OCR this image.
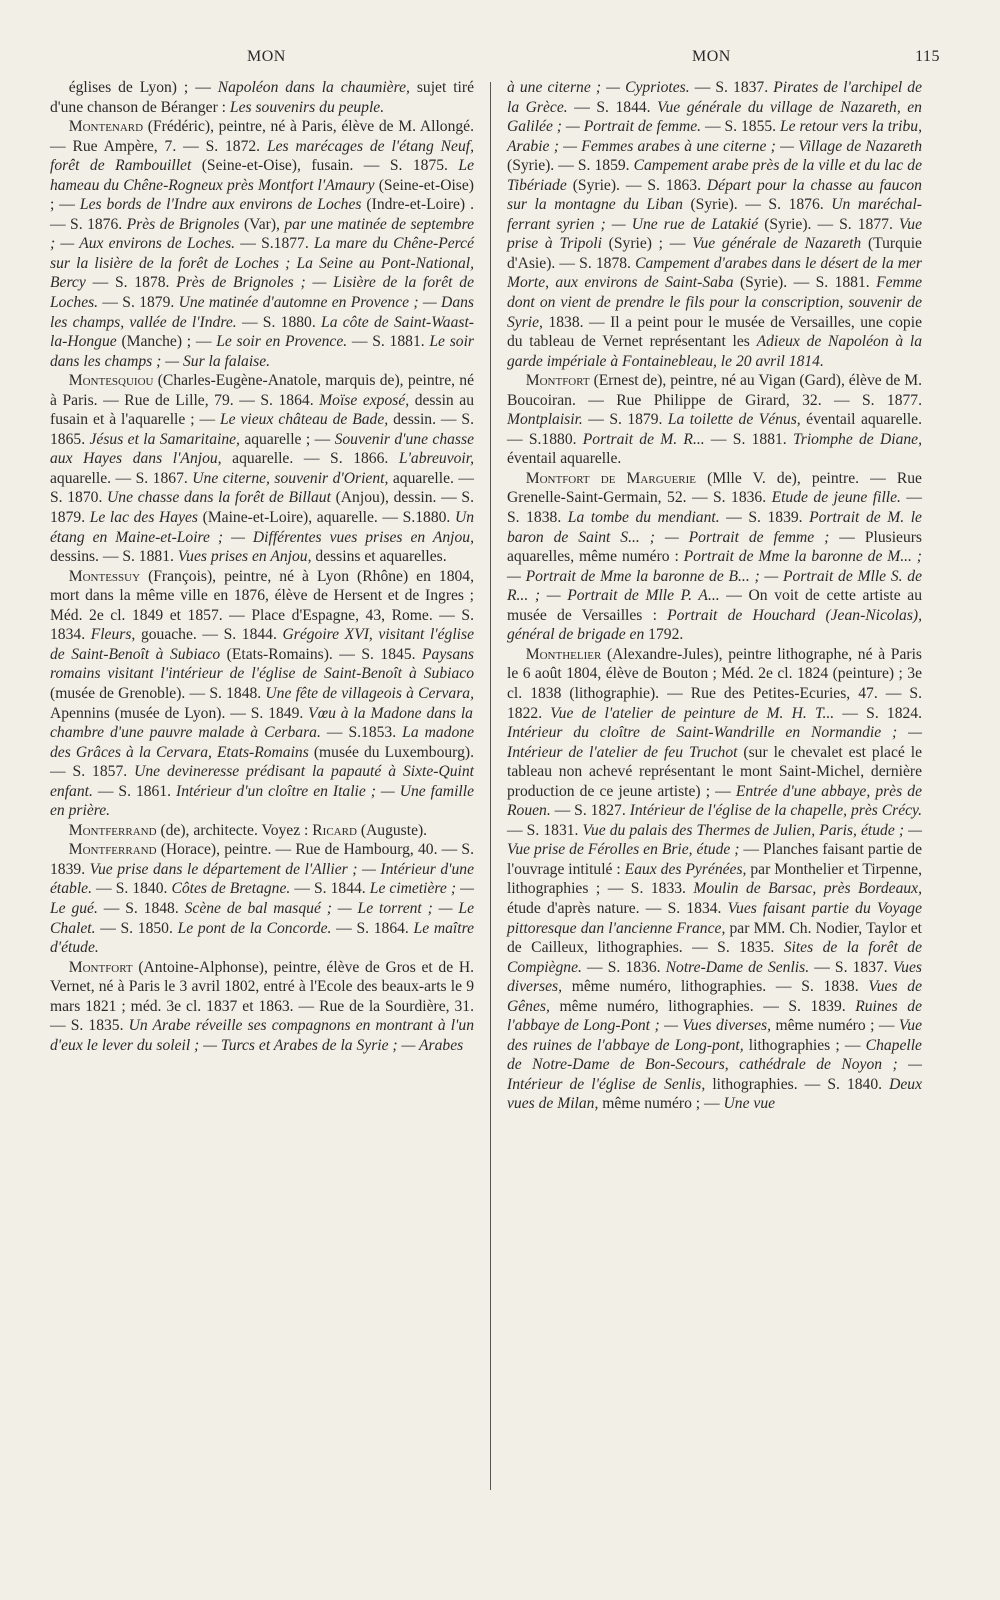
MON	MON	115

églises de Lyon) ; — Napoléon dans la chaumière, sujet tiré d'une chanson de Béranger : Les souvenirs du peuple.

Montenard (Frédéric), peintre, né à Paris, élève de M. Allongé. — Rue Ampère, 7. — S. 1872. Les marécages de l'étang Neuf, forêt de Rambouillet (Seine-et-Oise), fusain. — S. 1875. Le hameau du Chêne-Rogneux près Montfort l'Amaury (Seine-et-Oise) ; — Les bords de l'Indre aux environs de Loches (Indre-et-Loire) . — S. 1876. Près de Brignoles (Var), par une matinée de septembre ; — Aux environs de Loches. — S.1877. La mare du Chêne-Percé sur la lisière de la forêt de Loches ; La Seine au Pont-National, Bercy — S. 1878. Près de Brignoles ; — Lisière de la forêt de Loches. — S. 1879. Une matinée d'automne en Provence ; — Dans les champs, vallée de l'Indre. — S. 1880. La côte de Saint-Waast-la-Hongue (Manche) ; — Le soir en Provence. — S. 1881. Le soir dans les champs ; — Sur la falaise.

Montesquiou (Charles-Eugène-Anatole, marquis de), peintre, né à Paris. — Rue de Lille, 79. — S. 1864. Moïse exposé, dessin au fusain et à l'aquarelle ; — Le vieux château de Bade, dessin. — S. 1865. Jésus et la Samaritaine, aquarelle ; — Souvenir d'une chasse aux Hayes dans l'Anjou, aquarelle. — S. 1866. L'abreuvoir, aquarelle. — S. 1867. Une citerne, souvenir d'Orient, aquarelle. — S. 1870. Une chasse dans la forêt de Billaut (Anjou), dessin. — S. 1879. Le lac des Hayes (Maine-et-Loire), aquarelle. — S.1880. Un étang en Maine-et-Loire ; — Différentes vues prises en Anjou, dessins. — S. 1881. Vues prises en Anjou, dessins et aquarelles.

Montessuy (François), peintre, né à Lyon (Rhône) en 1804, mort dans la même ville en 1876, élève de Hersent et de Ingres ; Méd. 2e cl. 1849 et 1857. — Place d'Espagne, 43, Rome. — S. 1834. Fleurs, gouache. — S. 1844. Grégoire XVI, visitant l'église de Saint-Benoît à Subiaco (Etats-Romains). — S. 1845. Paysans romains visitant l'intérieur de l'église de Saint-Benoît à Subiaco (musée de Grenoble). — S. 1848. Une fête de villageois à Cervara, Apennins (musée de Lyon). — S. 1849. Vœu à la Madone dans la chambre d'une pauvre malade à Cerbara. — S.1853. La madone des Grâces à la Cervara, Etats-Romains (musée du Luxembourg). — S. 1857. Une devineresse prédisant la papauté à Sixte-Quint enfant. — S. 1861. Intérieur d'un cloître en Italie ; — Une famille en prière.

Montferrand (de), architecte. Voyez : Ricard (Auguste).

Montferrand (Horace), peintre. — Rue de Hambourg, 40. — S. 1839. Vue prise dans le département de l'Allier ; — Intérieur d'une étable. — S. 1840. Côtes de Bretagne. — S. 1844. Le cimetière ; — Le gué. — S. 1848. Scène de bal masqué ; — Le torrent ; — Le Chalet. — S. 1850. Le pont de la Concorde. — S. 1864. Le maître d'étude.

Montfort (Antoine-Alphonse), peintre, élève de Gros et de H. Vernet, né à Paris le 3 avril 1802, entré à l'Ecole des beaux-arts le 9 mars 1821 ; méd. 3e cl. 1837 et 1863. — Rue de la Sourdière, 31. — S. 1835. Un Arabe réveille ses compagnons en montrant à l'un d'eux le lever du soleil ; — Turcs et Arabes de la Syrie ; — Arabes

à une citerne ; — Cypriotes. — S. 1837. Pirates de l'archipel de la Grèce. — S. 1844. Vue générale du village de Nazareth, en Galilée ; — Portrait de femme. — S. 1855. Le retour vers la tribu, Arabie ; — Femmes arabes à une citerne ; — Village de Nazareth (Syrie). — S. 1859. Campement arabe près de la ville et du lac de Tibériade (Syrie). — S. 1863. Départ pour la chasse au faucon sur la montagne du Liban (Syrie). — S. 1876. Un maréchal-ferrant syrien ; — Une rue de Latakié (Syrie). — S. 1877. Vue prise à Tripoli (Syrie) ; — Vue générale de Nazareth (Turquie d'Asie). — S. 1878. Campement d'arabes dans le désert de la mer Morte, aux environs de Saint-Saba (Syrie). — S. 1881. Femme dont on vient de prendre le fils pour la conscription, souvenir de Syrie, 1838. — Il a peint pour le musée de Versailles, une copie du tableau de Vernet représentant les Adieux de Napoléon à la garde impériale à Fontainebleau, le 20 avril 1814.

Montfort (Ernest de), peintre, né au Vigan (Gard), élève de M. Boucoiran. — Rue Philippe de Girard, 32. — S. 1877. Montplaisir. — S. 1879. La toilette de Vénus, éventail aquarelle. — S.1880. Portrait de M. R... — S. 1881. Triomphe de Diane, éventail aquarelle.

Montfort de Marguerie (Mlle V. de), peintre. — Rue Grenelle-Saint-Germain, 52. — S. 1836. Etude de jeune fille. — S. 1838. La tombe du mendiant. — S. 1839. Portrait de M. le baron de Saint S... ; — Portrait de femme ; — Plusieurs aquarelles, même numéro : Portrait de Mme la baronne de M... ; — Portrait de Mme la baronne de B... ; — Portrait de Mlle S. de R... ; — Portrait de Mlle P. A... — On voit de cette artiste au musée de Versailles : Portrait de Houchard (Jean-Nicolas), général de brigade en 1792.

Monthelier (Alexandre-Jules), peintre lithographe, né à Paris le 6 août 1804, élève de Bouton ; Méd. 2e cl. 1824 (peinture) ; 3e cl. 1838 (lithographie). — Rue des Petites-Ecuries, 47. — S. 1822. Vue de l'atelier de peinture de M. H. T... — S. 1824. Intérieur du cloître de Saint-Wandrille en Normandie ; — Intérieur de l'atelier de feu Truchot (sur le chevalet est placé le tableau non achevé représentant le mont Saint-Michel, dernière production de ce jeune artiste) ; — Entrée d'une abbaye, près de Rouen. — S. 1827. Intérieur de l'église de la chapelle, près Crécy. — S. 1831. Vue du palais des Thermes de Julien, Paris, étude ; — Vue prise de Férolles en Brie, étude ; — Planches faisant partie de l'ouvrage intitulé : Eaux des Pyrénées, par Monthelier et Tirpenne, lithographies ; — S. 1833. Moulin de Barsac, près Bordeaux, étude d'après nature. — S. 1834. Vues faisant partie du Voyage pittoresque dan l'ancienne France, par MM. Ch. Nodier, Taylor et de Cailleux, lithographies. — S. 1835. Sites de la forêt de Compiègne. — S. 1836. Notre-Dame de Senlis. — S. 1837. Vues diverses, même numéro, lithographies. — S. 1838. Vues de Gênes, même numéro, lithographies. — S. 1839. Ruines de l'abbaye de Long-Pont ; — Vues diverses, même numéro ; — Vue des ruines de l'abbaye de Long-pont, lithographies ; — Chapelle de Notre-Dame de Bon-Secours, cathédrale de Noyon ; — Intérieur de l'église de Senlis, lithographies. — S. 1840. Deux vues de Milan, même numéro ; — Une vue
